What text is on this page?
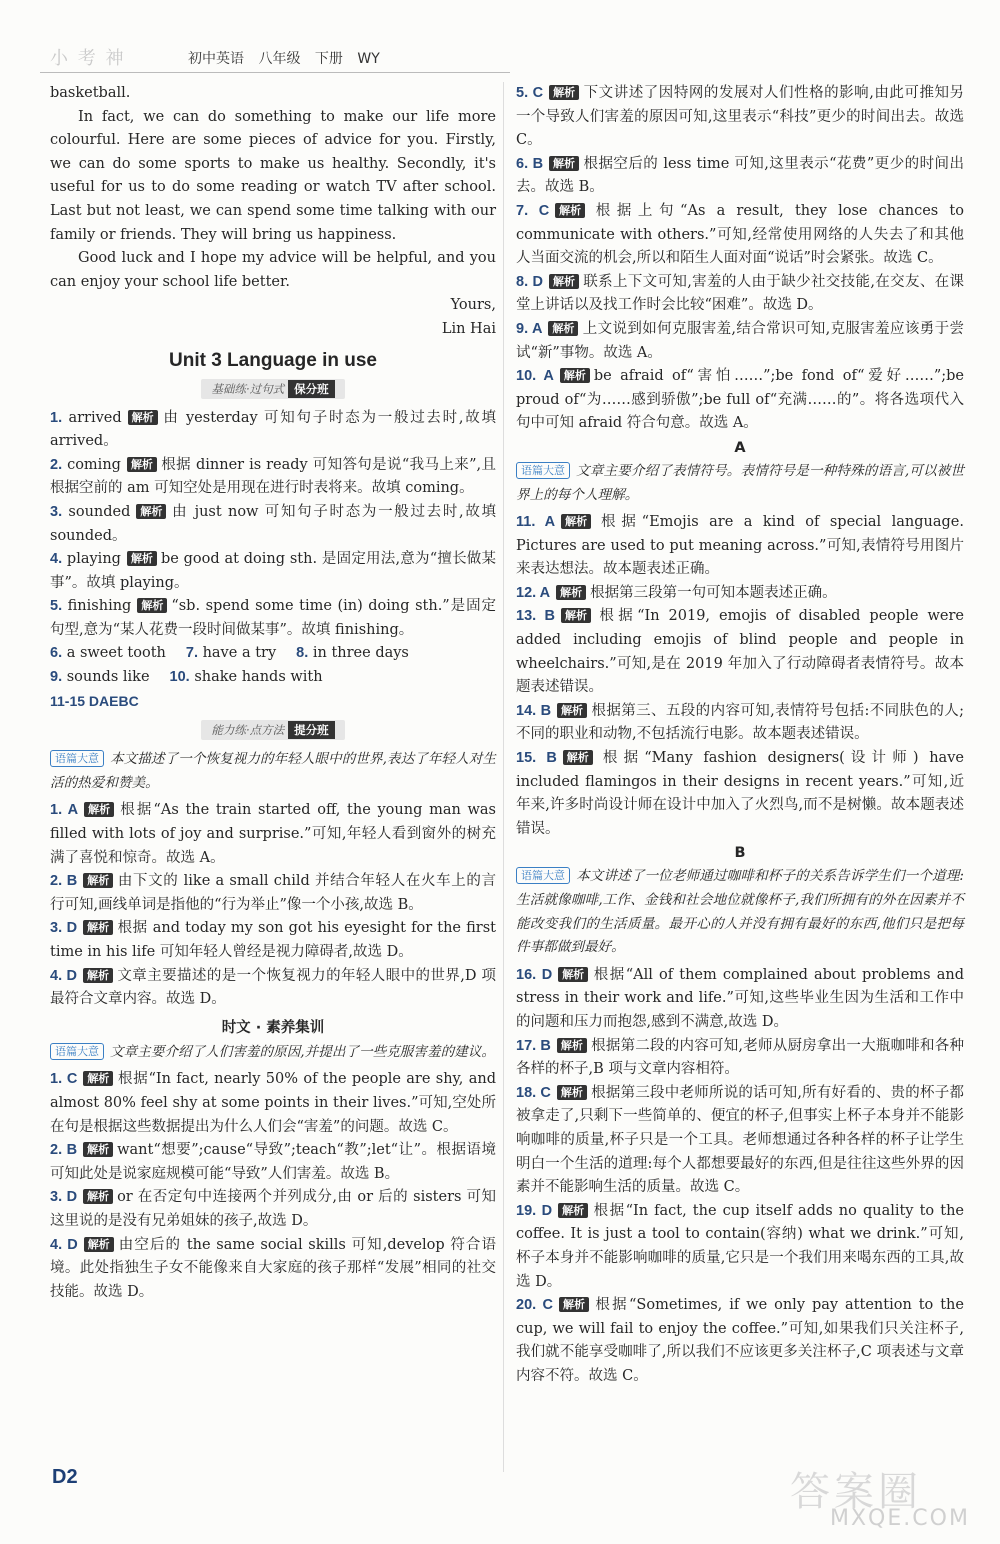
小 考 神	初中英语 八年级 下册 WY

basketball.

In fact, we can do something to make our life more colourful. Here are some pieces of advice for you. Firstly, we can do some sports to make us healthy. Secondly, it's useful for us to do some reading or watch TV after school. Last but not least, we can spend some time talking with our family or friends. They will bring us happiness.

Good luck and I hope my advice will be helpful, and you can enjoy your school life better.

Yours,

Lin Hai

Unit 3 Language in use
基础练·过句式 保分班

1. arrived 解析 由 yesterday 可知句子时态为一般过去时,故填 arrived。

2. coming 解析 根据 dinner is ready 可知答句是说“我马上来”,且根据空前的 am 可知空处是用现在进行时表将来。故填 coming。

3. sounded 解析 由 just now 可知句子时态为一般过去时,故填 sounded。

4. playing 解析 be good at doing sth. 是固定用法,意为“擅长做某事”。故填 playing。

5. finishing 解析 “sb. spend some time (in) doing sth.”是固定句型,意为“某人花费一段时间做某事”。故填 finishing。

6. a sweet tooth 7. have a try 8. in three days

9. sounds like 10. shake hands with

11-15 DAEBC

能力练·点方法 提分班

语篇大意 本文描述了一个恢复视力的年轻人眼中的世界,表达了年轻人对生活的热爱和赞美。

1. A 解析 根据“As the train started off, the young man was filled with lots of joy and surprise.”可知,年轻人看到窗外的树充满了喜悦和惊奇。故选 A。

2. B 解析 由下文的 like a small child 并结合年轻人在火车上的言行可知,画线单词是指他的“行为举止”像一个小孩,故选 B。

3. D 解析 根据 and today my son got his eyesight for the first time in his life 可知年轻人曾经是视力障碍者,故选 D。

4. D 解析 文章主要描述的是一个恢复视力的年轻人眼中的世界,D 项最符合文章内容。故选 D。

时文 · 素养集训

语篇大意 文章主要介绍了人们害羞的原因,并提出了一些克服害羞的建议。

1. C 解析 根据“In fact, nearly 50% of the people are shy, and almost 80% feel shy at some points in their lives.”可知,空处所在句是根据这些数据提出为什么人们会“害羞”的问题。故选 C。

2. B 解析 want“想要”;cause“导致”;teach“教”;let“让”。根据语境可知此处是说家庭规模可能“导致”人们害羞。故选 B。

3. D 解析 or 在否定句中连接两个并列成分,由 or 后的 sisters 可知这里说的是没有兄弟姐妹的孩子,故选 D。

4. D 解析 由空后的 the same social skills 可知,develop 符合语境。此处指独生子女不能像来自大家庭的孩子那样“发展”相同的社交技能。故选 D。

5. C 解析 下文讲述了因特网的发展对人们性格的影响,由此可推知另一个导致人们害羞的原因可知,这里表示“科技”更少的时间出去。故选 C。

6. B 解析 根据空后的 less time 可知,这里表示“花费”更少的时间出去。故选 B。

7. C 解析 根据上句“As a result, they lose chances to communicate with others.”可知,经常使用网络的人失去了和其他人当面交流的机会,所以和陌生人面对面“说话”时会紧张。故选 C。

8. D 解析 联系上下文可知,害羞的人由于缺少社交技能,在交友、在课堂上讲话以及找工作时会比较“困难”。故选 D。

9. A 解析 上文说到如何克服害羞,结合常识可知,克服害羞应该勇于尝试“新”事物。故选 A。

10. A 解析 be afraid of“害怕……”;be fond of“爱好……”;be proud of“为……感到骄傲”;be full of“充满……的”。将各选项代入句中可知 afraid 符合句意。故选 A。

A

语篇大意 文章主要介绍了表情符号。表情符号是一种特殊的语言,可以被世界上的每个人理解。

11. A 解析 根据“Emojis are a kind of special language. Pictures are used to put meaning across.”可知,表情符号用图片来表达想法。故本题表述正确。

12. A 解析 根据第三段第一句可知本题表述正确。

13. B 解析 根据“In 2019, emojis of disabled people were added including emojis of blind people and people in wheelchairs.”可知,是在 2019 年加入了行动障碍者表情符号。故本题表述错误。

14. B 解析 根据第三、五段的内容可知,表情符号包括:不同肤色的人;不同的职业和动物,不包括流行电影。故本题表述错误。

15. B 解析 根据“Many fashion designers(设计师) have included flamingos in their designs in recent years.”可知,近年来,许多时尚设计师在设计中加入了火烈鸟,而不是树懒。故本题表述错误。

B

语篇大意 本文讲述了一位老师通过咖啡和杯子的关系告诉学生们一个道理:生活就像咖啡,工作、金钱和社会地位就像杯子,我们所拥有的外在因素并不能改变我们的生活质量。最开心的人并没有拥有最好的东西,他们只是把每件事都做到最好。

16. D 解析 根据“All of them complained about problems and stress in their work and life.”可知,这些毕业生因为生活和工作中的问题和压力而抱怨,感到不满意,故选 D。

17. B 解析 根据第二段的内容可知,老师从厨房拿出一大瓶咖啡和各种各样的杯子,B 项与文章内容相符。

18. C 解析 根据第三段中老师所说的话可知,所有好看的、贵的杯子都被拿走了,只剩下一些简单的、便宜的杯子,但事实上杯子本身并不能影响咖啡的质量,杯子只是一个工具。老师想通过各种各样的杯子让学生明白一个生活的道理:每个人都想要最好的东西,但是往往这些外界的因素并不能影响生活的质量。故选 C。

19. D 解析 根据“In fact, the cup itself adds no quality to the coffee. It is just a tool to contain(容纳) what we drink.”可知,杯子本身并不能影响咖啡的质量,它只是一个我们用来喝东西的工具,故选 D。

20. C 解析 根据“Sometimes, if we only pay attention to the cup, we will fail to enjoy the coffee.”可知,如果我们只关注杯子,我们就不能享受咖啡了,所以我们不应该更多关注杯子,C 项表述与文章内容不符。故选 C。

D2	答案圈
MXQE.COM
